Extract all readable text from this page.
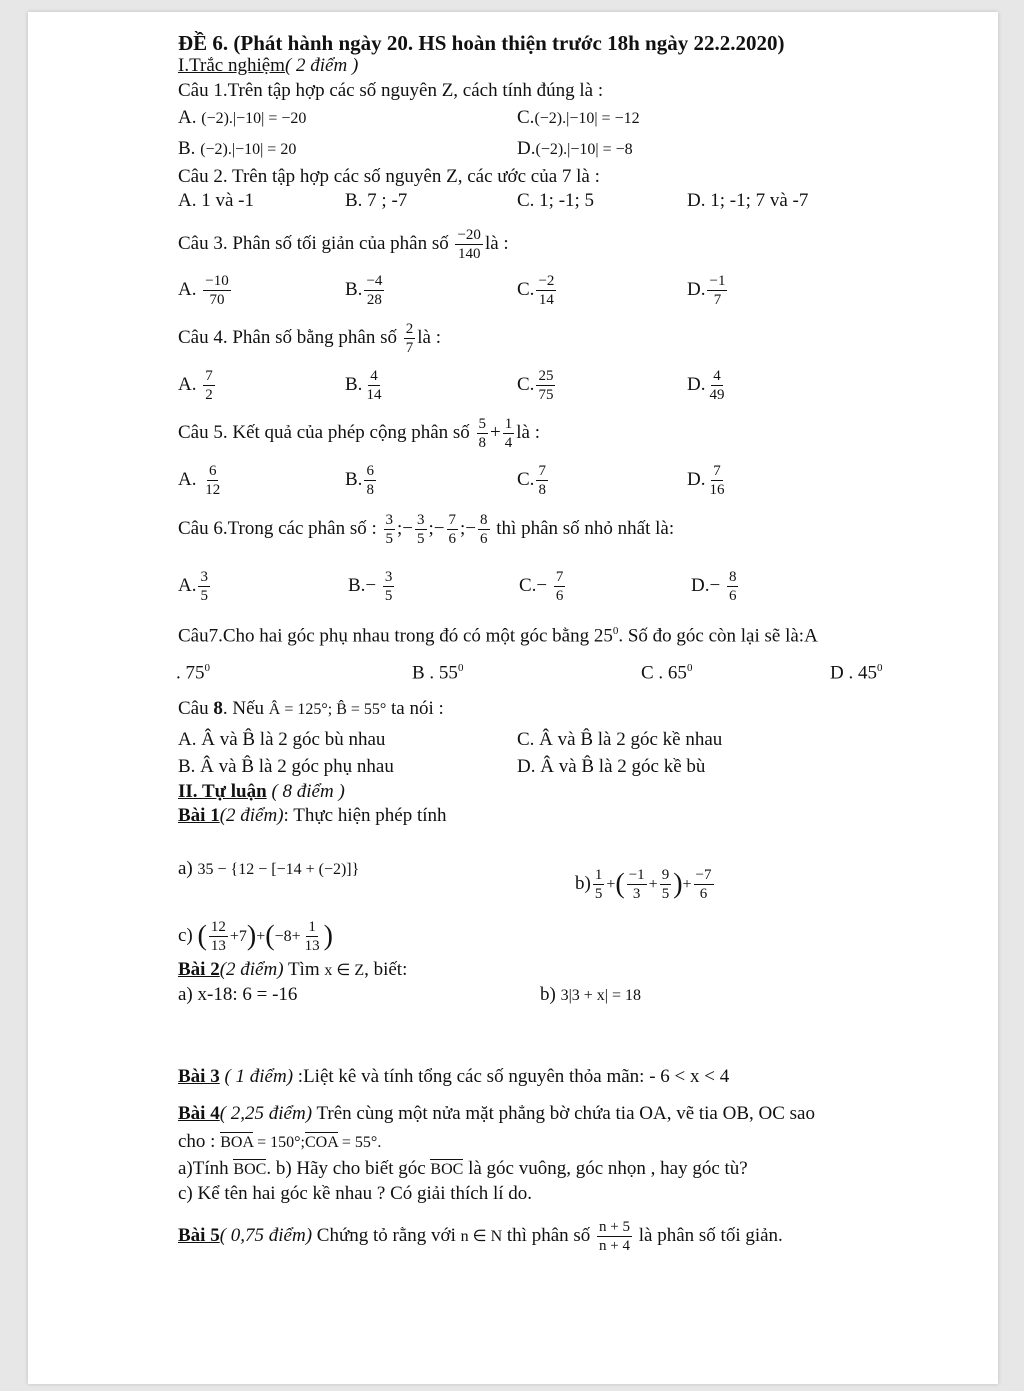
ĐỀ 6. (Phát hành ngày 20. HS hoàn thiện trước 18h ngày 22.2.2020)
I.Trắc nghiệm( 2 điểm )
Câu 1.Trên tập hợp các số nguyên Z, cách tính đúng là :
A. (−2).|−10| = −20	C.(−2).|−10| = −12
B. (−2).|−10| = 20	D.(−2).|−10| = −8
Câu 2. Trên tập hợp các số nguyên Z, các ước của 7 là :
A. 1 và -1	B. 7 ; -7	C. 1; -1; 5	D. 1; -1; 7 và -7
Câu 3. Phân số tối giản của phân số $\frac{-20}{140}$ là :
A. $\frac{-10}{70}$	B. $\frac{-4}{28}$	C. $\frac{-2}{14}$	D. $\frac{-1}{7}$
Câu 4. Phân số bằng phân số $\frac{2}{7}$ là :
A. $\frac{7}{2}$	B. $\frac{4}{14}$	C. $\frac{25}{75}$	D. $\frac{4}{49}$
Câu 5. Kết quả của phép cộng phân số $\frac{5}{8} + \frac{1}{4}$ là :
A. $\frac{6}{12}$	B. $\frac{6}{8}$	C. $\frac{7}{8}$	D. $\frac{7}{16}$
Câu 6.Trong các phân số : $\frac{3}{5}$ ;− $\frac{3}{5}$ ;− $\frac{7}{6}$ ;− $\frac{8}{6}$ thì phân số nhỏ nhất là:
A. $\frac{3}{5}$	$B.- \frac{3}{5}$	$C.- \frac{7}{6}$	$D.- \frac{8}{6}$
Câu7.Cho hai góc phụ nhau trong đó có một góc bằng $25^0$. Số đo góc còn lại sẽ là:A
. $75^0$	B . $55^0$	C . $65^0$	D . $45^0$
Câu 8. Nếu Â = 125°; B̂ = 55° ta nói :
A. Â và B̂ là 2 góc bù nhau	C. Â và B̂ là 2 góc kề nhau
B. Â và B̂ là 2 góc phụ nhau	D. Â và B̂ là 2 góc kề bù
II. Tự luận ( 8 điểm )
Bài 1(2 điểm): Thực hiện phép tính
a) 35 − {12 − [−14 + (−2)]}
$b) \frac{1}{5}$ +( $\frac{-1}{3} + \frac{9}{5}$ )+ $\frac{-7}{6}$
c) ( $\frac{12}{13} +7)+(-8+ \frac{1}{13}$ )
Bài 2(2 điểm) Tìm x ∈ Z, biết:
a) x-18: 6 = -16	b) 3|3 + x| = 18
Bài 3 ( 1 điểm) :Liệt kê và tính tổng các số nguyên thỏa mãn: - 6 < x < 4
Bài 4( 2,25 điểm) Trên cùng một nửa mặt phẳng bờ chứa tia OA, vẽ tia OB, OC sao
cho : BOA = 150°;COA = 55°.
a)Tính BOC. b) Hãy cho biết góc BOC là góc vuông, góc nhọn , hay góc tù?
c) Kể tên hai góc kề nhau ? Có giải thích lí do.
Bài 5( 0,75 điểm) Chứng tỏ rằng với n ∈ N thì phân số $\frac{n + 5}{n + 4}$ là phân số tối giản.
